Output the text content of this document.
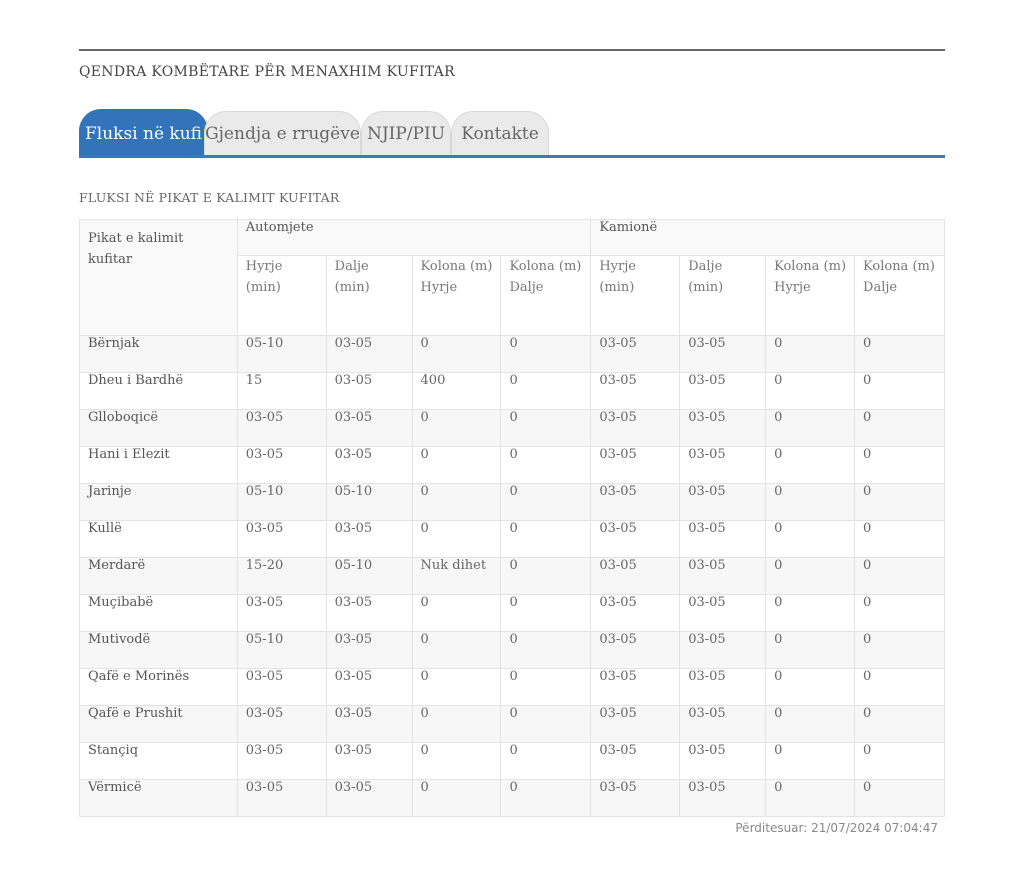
QENDRA KOMBËTARE PËR MENAXHIM KUFITAR
Fluksi në kufi Gjendja e rrugëve NJIP/PIU Kontakte
FLUKSI NË PIKAT E KALIMIT KUFITAR
Pikat e kalimit kufitar	Automjete				Kamionë			
	Hyrje (min)	Dalje (min)	Kolona (m) Hyrje	Kolona (m) Dalje	Hyrje (min)	Dalje (min)	Kolona (m) Hyrje	Kolona (m) Dalje
Bërnjak	05-10	03-05	0	0	03-05	03-05	0	0
Dheu i Bardhë	15	03-05	400	0	03-05	03-05	0	0
Glloboqicë	03-05	03-05	0	0	03-05	03-05	0	0
Hani i Elezit	03-05	03-05	0	0	03-05	03-05	0	0
Jarinje	05-10	05-10	0	0	03-05	03-05	0	0
Kullë	03-05	03-05	0	0	03-05	03-05	0	0
Merdarë	15-20	05-10	Nuk dihet	0	03-05	03-05	0	0
Muçibabë	03-05	03-05	0	0	03-05	03-05	0	0
Mutivodë	05-10	03-05	0	0	03-05	03-05	0	0
Qafë e Morinës	03-05	03-05	0	0	03-05	03-05	0	0
Qafë e Prushit	03-05	03-05	0	0	03-05	03-05	0	0
Stançiq	03-05	03-05	0	0	03-05	03-05	0	0
Vërmicë	03-05	03-05	0	0	03-05	03-05	0	0
Përditesuar: 21/07/2024 07:04:47
